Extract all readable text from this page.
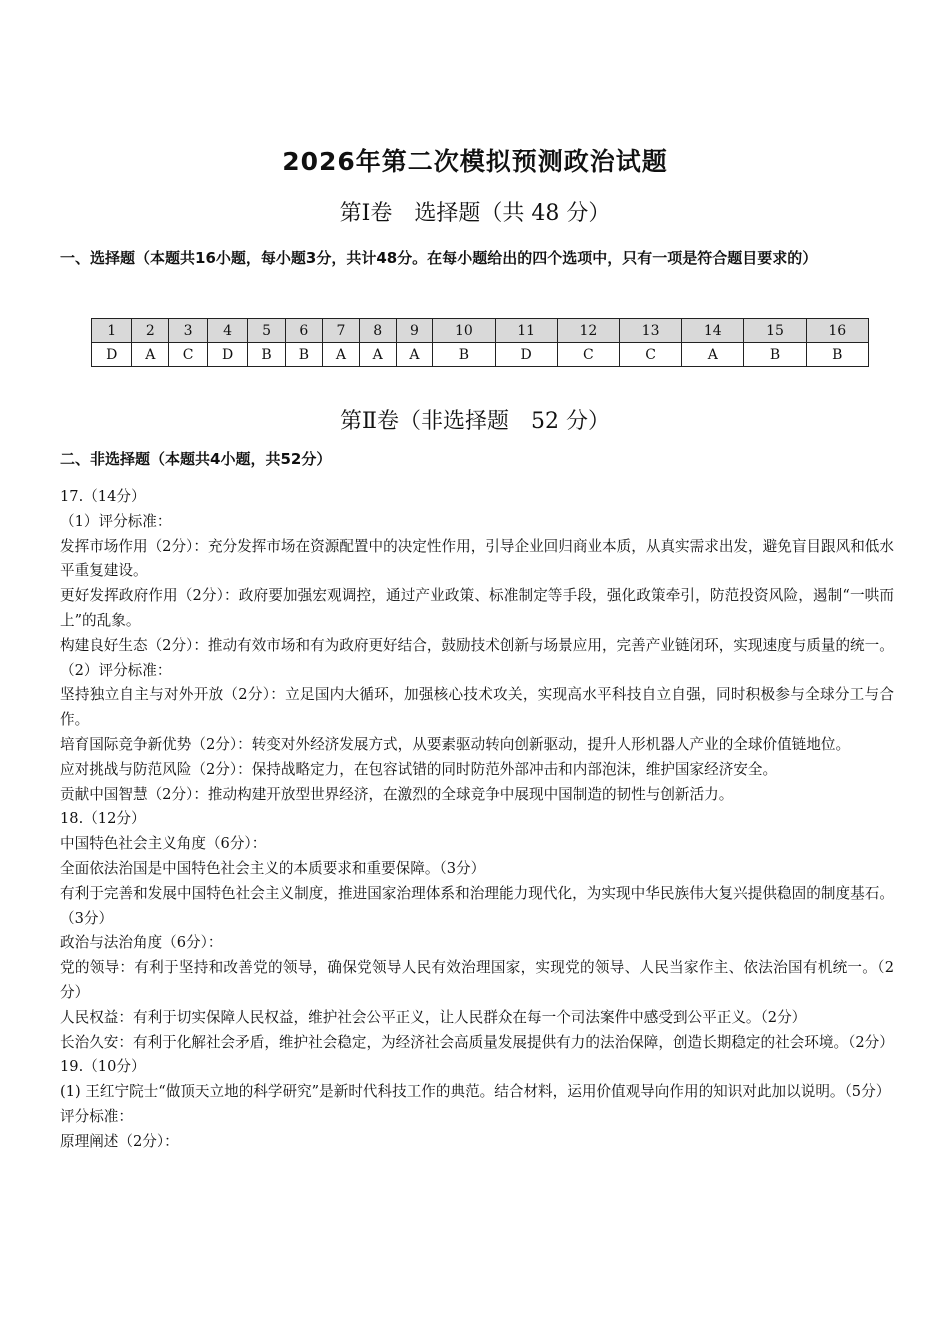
2026年第二次模拟预测政治试题
第Ⅰ卷　选择题（共 48 分）
一、选择题（本题共16小题，每小题3分，共计48分。在每小题给出的四个选项中，只有一项是符合题目要求的）
1	2	3	4	5	6	7	8	9	10	11	12	13	14	15	16
D	A	C	D	B	B	A	A	A	B	D	C	C	A	B	B
第Ⅱ卷（非选择题　52 分）
二、非选择题（本题共4小题，共52分）

17.（14分）

（1）评分标准：

发挥市场作用（2分）：充分发挥市场在资源配置中的决定性作用，引导企业回归商业本质，从真实需求出发，避免盲目跟风和低水平重复建设。

更好发挥政府作用（2分）：政府要加强宏观调控，通过产业政策、标准制定等手段，强化政策牵引，防范投资风险，遏制“一哄而上”的乱象。

构建良好生态（2分）：推动有效市场和有为政府更好结合，鼓励技术创新与场景应用，完善产业链闭环，实现速度与质量的统一。

（2）评分标准：

坚持独立自主与对外开放（2分）：立足国内大循环，加强核心技术攻关，实现高水平科技自立自强，同时积极参与全球分工与合作。

培育国际竞争新优势（2分）：转变对外经济发展方式，从要素驱动转向创新驱动，提升人形机器人产业的全球价值链地位。

应对挑战与防范风险（2分）：保持战略定力，在包容试错的同时防范外部冲击和内部泡沫，维护国家经济安全。

贡献中国智慧（2分）：推动构建开放型世界经济，在激烈的全球竞争中展现中国制造的韧性与创新活力。

18.（12分）

中国特色社会主义角度（6分）：

全面依法治国是中国特色社会主义的本质要求和重要保障。（3分）

有利于完善和发展中国特色社会主义制度，推进国家治理体系和治理能力现代化，为实现中华民族伟大复兴提供稳固的制度基石。（3分）

政治与法治角度（6分）：

党的领导：有利于坚持和改善党的领导，确保党领导人民有效治理国家，实现党的领导、人民当家作主、依法治国有机统一。（2分）

人民权益：有利于切实保障人民权益，维护社会公平正义，让人民群众在每一个司法案件中感受到公平正义。（2分）

长治久安：有利于化解社会矛盾，维护社会稳定，为经济社会高质量发展提供有力的法治保障，创造长期稳定的社会环境。（2分）

19.（10分）

(1) 王红宁院士“做顶天立地的科学研究”是新时代科技工作的典范。结合材料，运用价值观导向作用的知识对此加以说明。（5分）

评分标准：

原理阐述（2分）：
